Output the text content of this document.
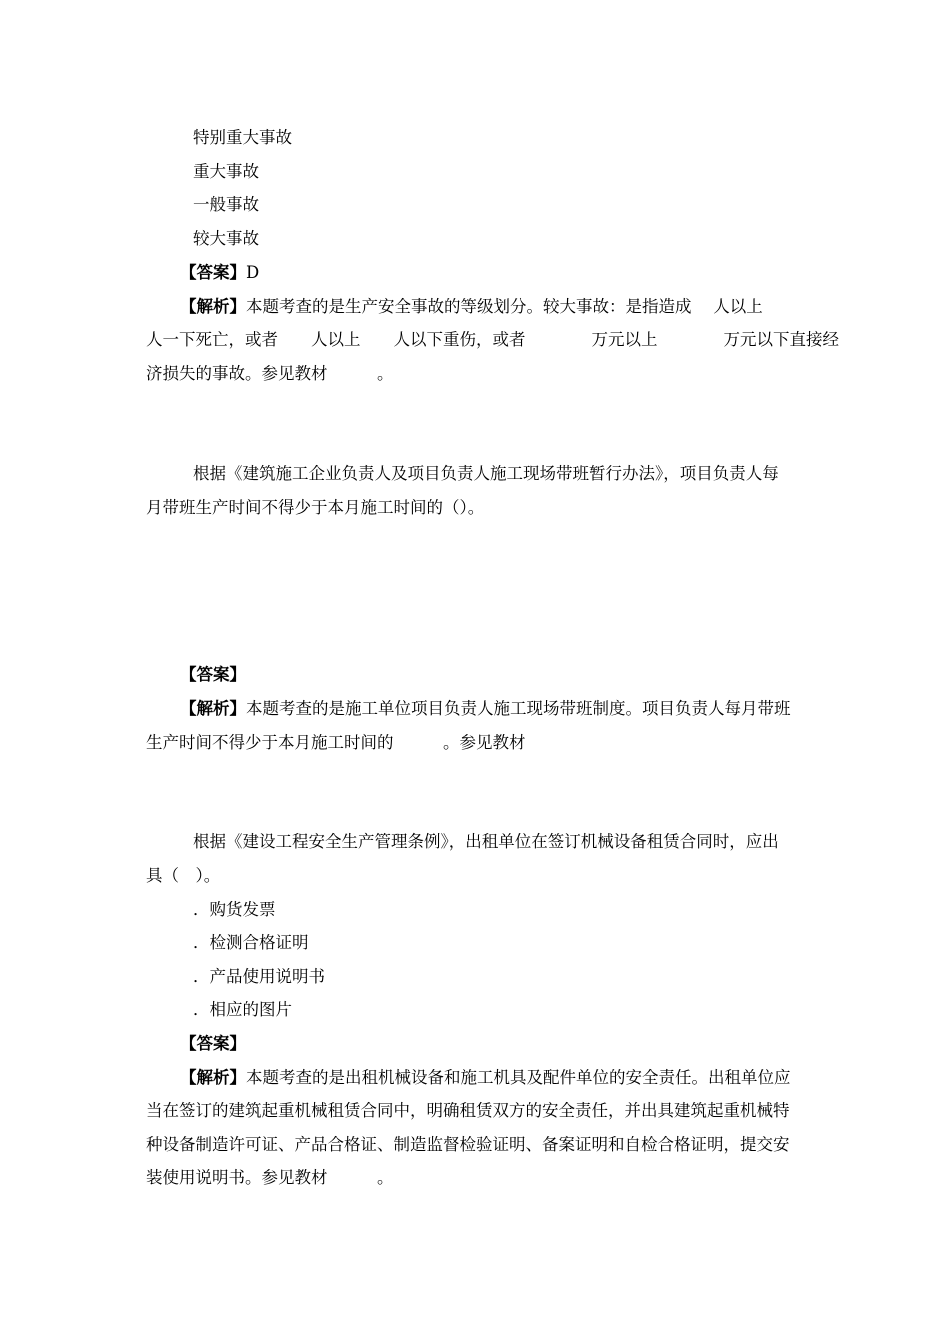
特别重大事故
重大事故
一般事故
较大事故
【答案】D
【解析】本题考查的是生产安全事故的等级划分。较大事故：是指造成　 人以上
人一下死亡，或者　　人以上　　人以下重伤，或者　　　　万元以上　　　　万元以下直接经
济损失的事故。参见教材　　　。
根据《建筑施工企业负责人及项目负责人施工现场带班暂行办法》，项目负责人每
月带班生产时间不得少于本月施工时间的（）。
【答案】
【解析】本题考查的是施工单位项目负责人施工现场带班制度。项目负责人每月带班
生产时间不得少于本月施工时间的　　　。参见教材
根据《建设工程安全生产管理条例》，出租单位在签订机械设备租赁合同时，应出
具（　）。
．购货发票
．检测合格证明
．产品使用说明书
．相应的图片
【答案】
【解析】本题考查的是出租机械设备和施工机具及配件单位的安全责任。出租单位应
当在签订的建筑起重机械租赁合同中，明确租赁双方的安全责任，并出具建筑起重机械特
种设备制造许可证、产品合格证、制造监督检验证明、备案证明和自检合格证明，提交安
装使用说明书。参见教材　　　。
